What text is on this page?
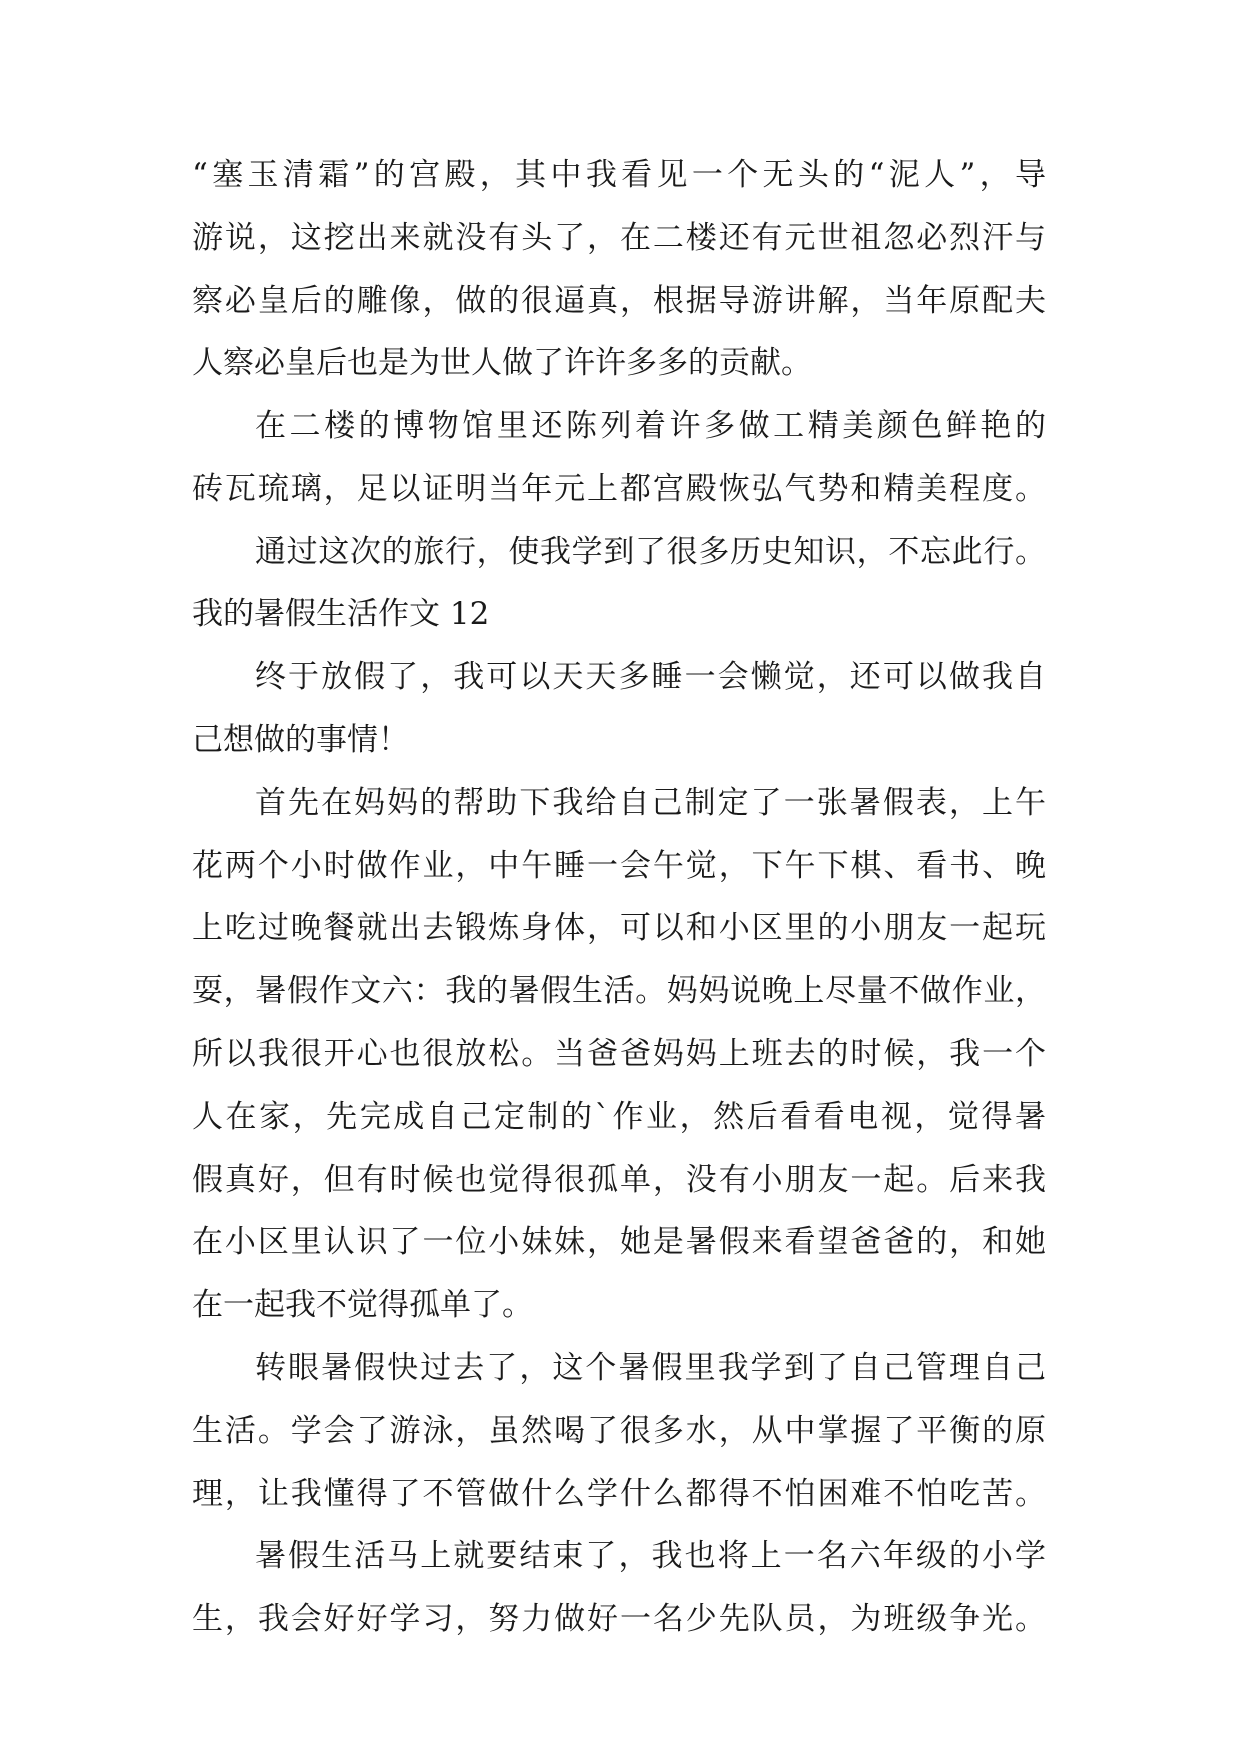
“塞玉清霜”的宫殿，其中我看见一个无头的“泥人”，导
游说，这挖出来就没有头了，在二楼还有元世祖忽必烈汗与
察必皇后的雕像，做的很逼真，根据导游讲解，当年原配夫
人察必皇后也是为世人做了许许多多的贡献。
在二楼的博物馆里还陈列着许多做工精美颜色鲜艳的
砖瓦琉璃，足以证明当年元上都宫殿恢弘气势和精美程度。
通过这次的旅行，使我学到了很多历史知识，不忘此行。
我的暑假生活作文 12
终于放假了，我可以天天多睡一会懒觉，还可以做我自
己想做的事情！
首先在妈妈的帮助下我给自己制定了一张暑假表，上午
花两个小时做作业，中午睡一会午觉，下午下棋、看书、晚
上吃过晚餐就出去锻炼身体，可以和小区里的小朋友一起玩
耍，暑假作文六：我的暑假生活。妈妈说晚上尽量不做作业，
所以我很开心也很放松。当爸爸妈妈上班去的时候，我一个
人在家，先完成自己定制的`作业，然后看看电视，觉得暑
假真好，但有时候也觉得很孤单，没有小朋友一起。后来我
在小区里认识了一位小妹妹，她是暑假来看望爸爸的，和她
在一起我不觉得孤单了。
转眼暑假快过去了，这个暑假里我学到了自己管理自己
生活。学会了游泳，虽然喝了很多水，从中掌握了平衡的原
理，让我懂得了不管做什么学什么都得不怕困难不怕吃苦。
暑假生活马上就要结束了，我也将上一名六年级的小学
生，我会好好学习，努力做好一名少先队员，为班级争光。
